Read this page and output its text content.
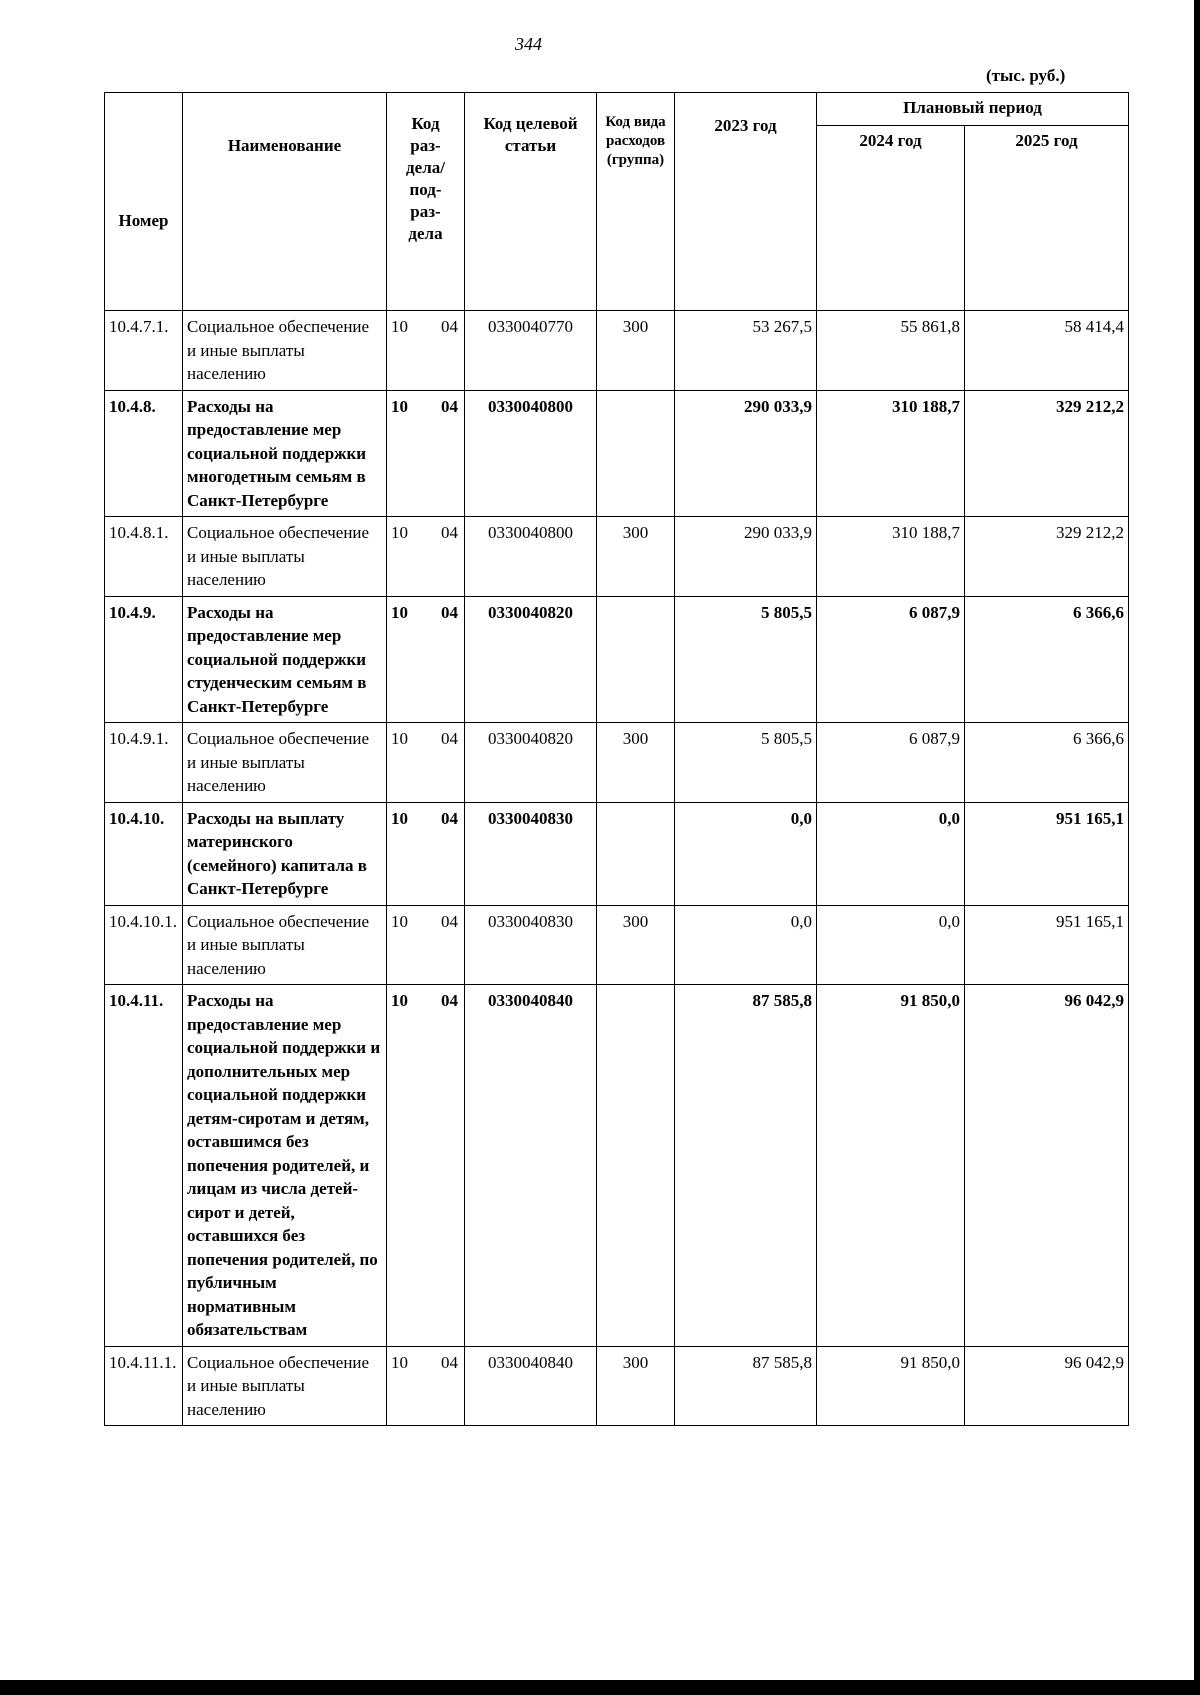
344
(тыс. руб.)
Номер	Наименование	Код раз-дела/ под-раз-дела	Код целевой статьи	Код вида расходов (группа)	2023 год	Плановый период	
						2024 год	2025 год
10.4.7.1.	Социальное обеспечение и иные выплаты населению	10 04	0330040770	300	53 267,5	55 861,8	58 414,4
10.4.8.	Расходы на предоставление мер социальной поддержки многодетным семьям в Санкт-Петербурге	10 04	0330040800		290 033,9	310 188,7	329 212,2
10.4.8.1.	Социальное обеспечение и иные выплаты населению	10 04	0330040800	300	290 033,9	310 188,7	329 212,2
10.4.9.	Расходы на предоставление мер социальной поддержки студенческим семьям в Санкт-Петербурге	10 04	0330040820		5 805,5	6 087,9	6 366,6
10.4.9.1.	Социальное обеспечение и иные выплаты населению	10 04	0330040820	300	5 805,5	6 087,9	6 366,6
10.4.10.	Расходы на выплату материнского (семейного) капитала в Санкт-Петербурге	10 04	0330040830		0,0	0,0	951 165,1
10.4.10.1.	Социальное обеспечение и иные выплаты населению	10 04	0330040830	300	0,0	0,0	951 165,1
10.4.11.	Расходы на предоставление мер социальной поддержки и дополнительных мер социальной поддержки детям-сиротам и детям, оставшимся без попечения родителей, и лицам из числа детей-сирот и детей, оставшихся без попечения родителей, по публичным нормативным обязательствам	10 04	0330040840		87 585,8	91 850,0	96 042,9
10.4.11.1.	Социальное обеспечение и иные выплаты населению	10 04	0330040840	300	87 585,8	91 850,0	96 042,9
